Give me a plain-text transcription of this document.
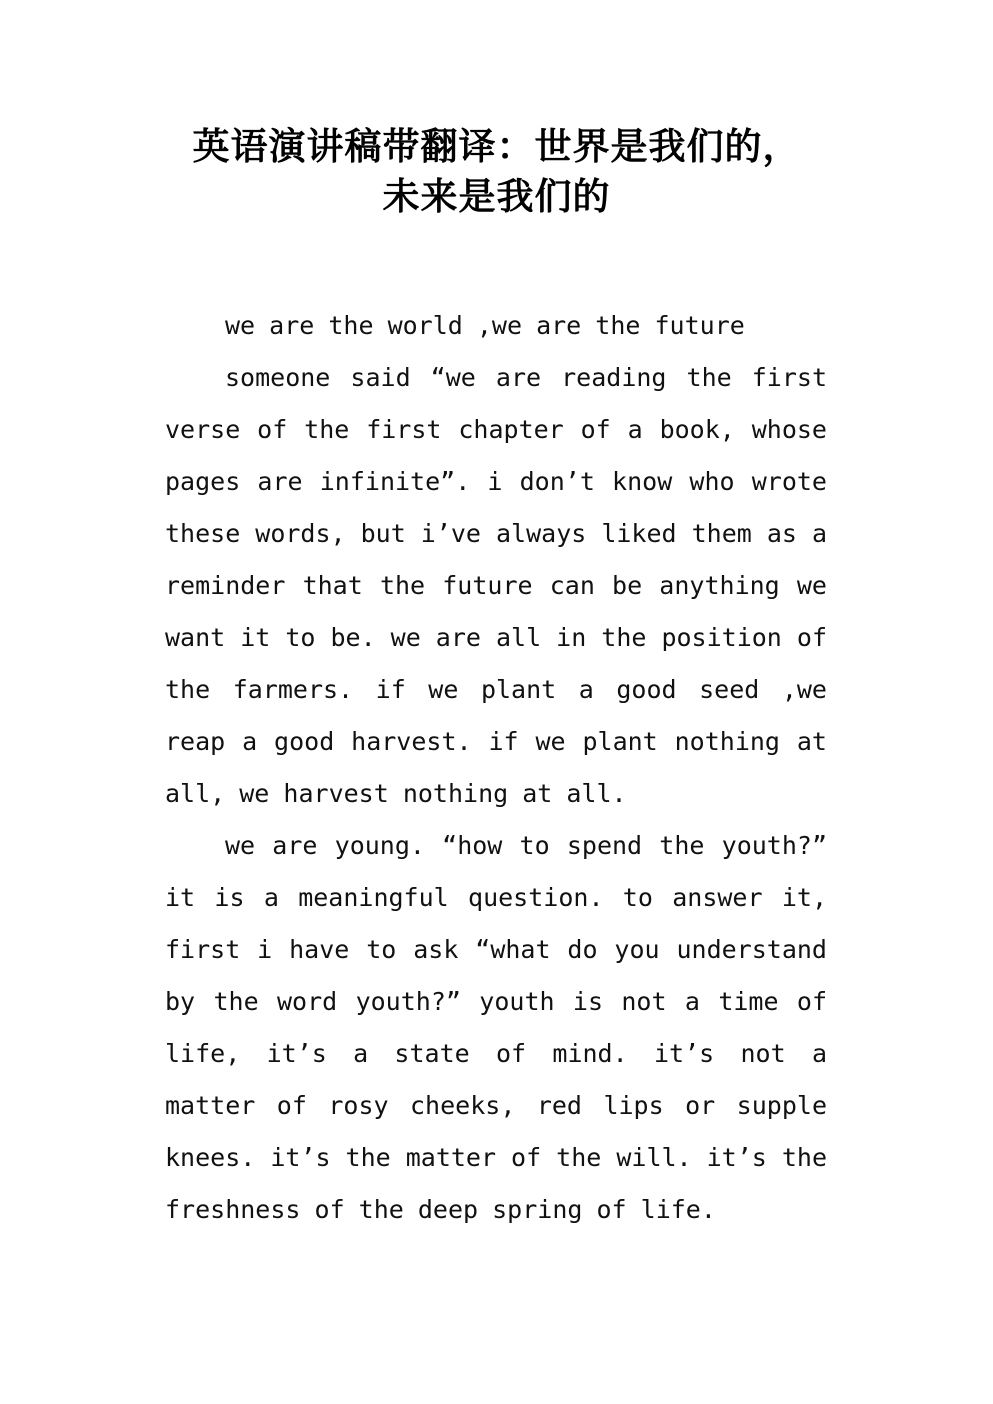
英语演讲稿带翻译：世界是我们的，
未来是我们的

we are the world ,we are the future

someone said “we are reading the first verse of the first chapter of a book, whose pages are infinite”. i don’t know who wrote these words, but i’ve always liked them as a reminder that the future can be anything we want it to be. we are all in the position of the farmers. if we plant a good seed ,we reap a good harvest. if we plant nothing at all, we harvest nothing at all.

we are young. “how to spend the youth?” it is a meaningful question. to answer it, first i have to ask “what do you understand by the word youth?” youth is not a time of life, it’s a state of mind. it’s not a matter of rosy cheeks, red lips or supple knees. it’s the matter of the will. it’s the freshness of the deep spring of life.
